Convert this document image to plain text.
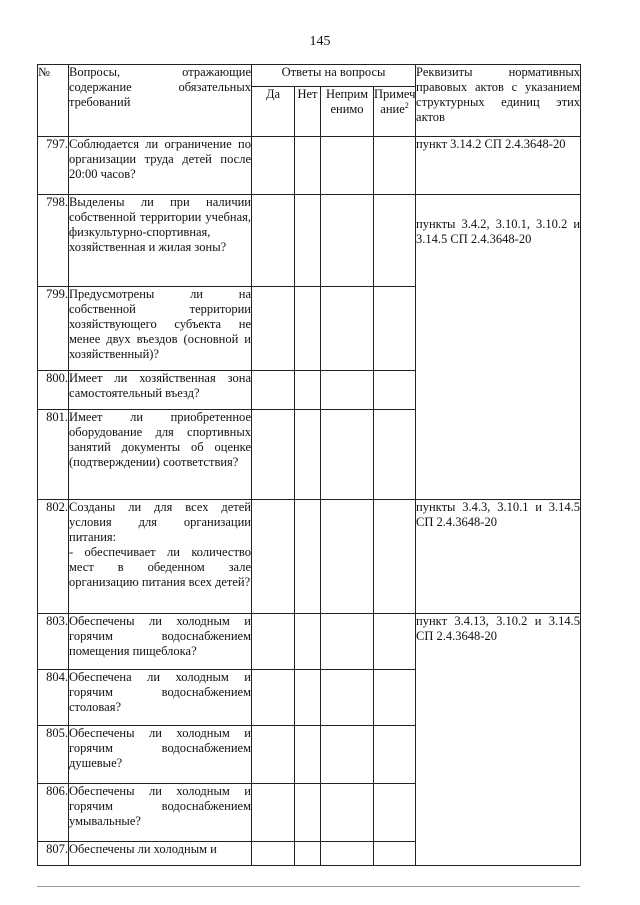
145
№	Вопросы, отражающие содержание обязательных требований	Ответы на вопросы				Реквизиты нормативных правовых актов с указанием структурных единиц этих актов
		Да	Нет	Неприм енимо	Примеч ание$^2$
797.	Соблюдается ли ограничение по организации труда детей после 20:00 часов?					пункт 3.14.2 СП 2.4.3648-20
798.	Выделены ли при наличии собственной территории учебная, физкультурно-спортивная, хозяйственная и жилая зоны?					пункты 3.4.2, 3.10.1, 3.10.2 и 3.14.5 СП 2.4.3648-20
799.	Предусмотрены ли на собственной территории хозяйствующего субъекта не менее двух въездов (основной и хозяйственный)?					
800.	Имеет ли хозяйственная зона самостоятельный въезд?					
801.	Имеет ли приобретенное оборудование для спортивных занятий документы об оценке (подтверждении) соответствия?					
802.	Созданы ли для всех детей условия для организации питания:
- обеспечивает ли количество мест в обеденном зале организацию питания всех детей?					пункты 3.4.3, 3.10.1 и 3.14.5 СП 2.4.3648-20
803.	Обеспечены ли холодным и горячим водоснабжением помещения пищеблока?					пункт 3.4.13, 3.10.2 и 3.14.5 СП 2.4.3648-20
804.	Обеспечена ли холодным и горячим водоснабжением столовая?					
805.	Обеспечены ли холодным и горячим водоснабжением душевые?					
806.	Обеспечены ли холодным и горячим водоснабжением умывальные?					
807.	Обеспечены ли холодным и					
